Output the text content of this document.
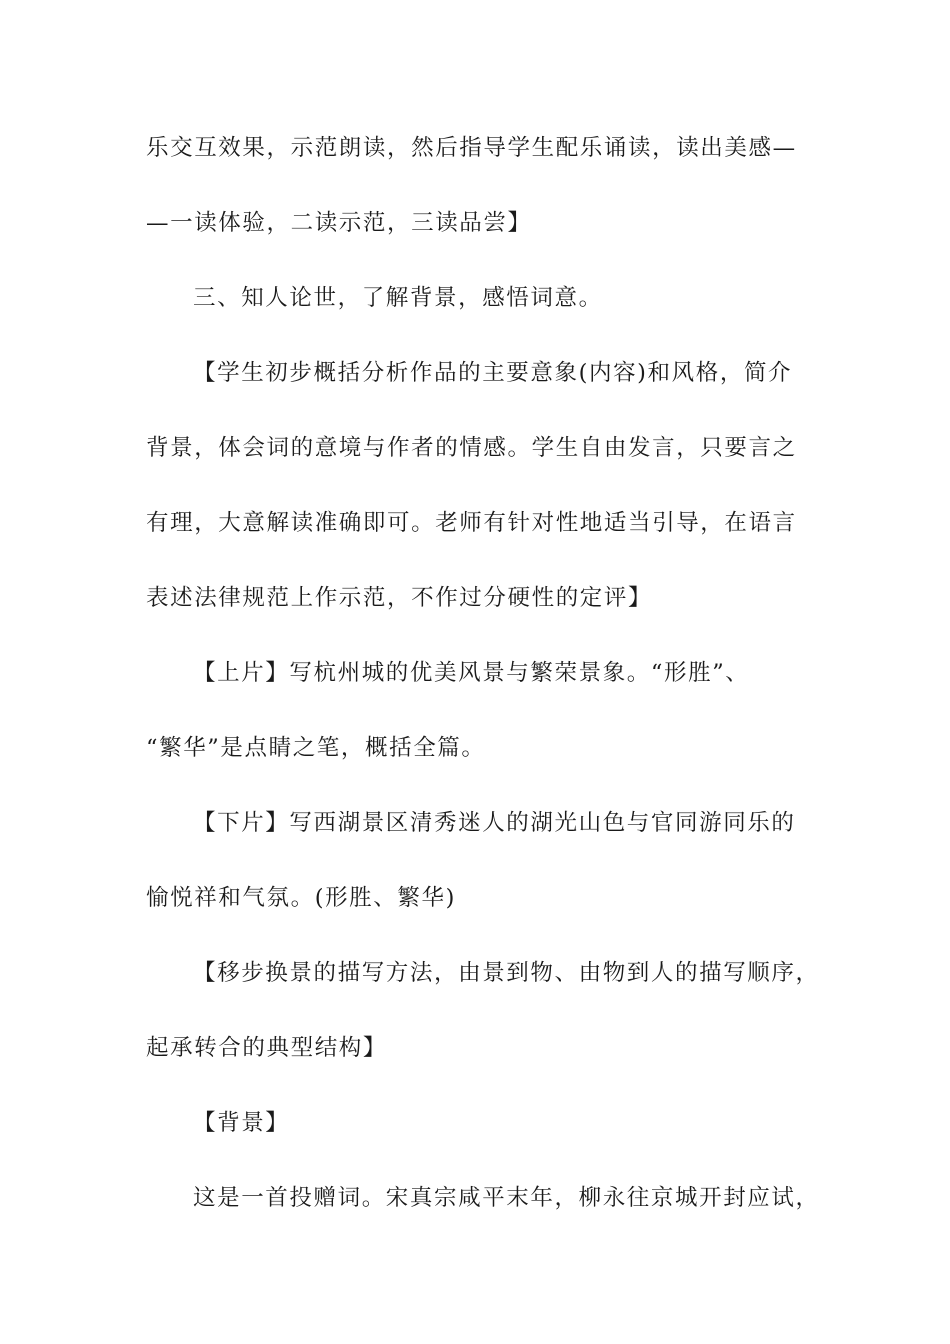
乐交互效果，示范朗读，然后指导学生配乐诵读，读出美感—
—一读体验，二读示范，三读品尝】
三、知人论世，了解背景，感悟词意。
【学生初步概括分析作品的主要意象(内容)和风格，简介
背景，体会词的意境与作者的情感。学生自由发言，只要言之
有理，大意解读准确即可。老师有针对性地适当引导，在语言
表述法律规范上作示范，不作过分硬性的定评】
【上片】写杭州城的优美风景与繁荣景象。“形胜”、
“繁华”是点睛之笔，概括全篇。
【下片】写西湖景区清秀迷人的湖光山色与官同游同乐的
愉悦祥和气氛。(形胜、繁华)
【移步换景的描写方法，由景到物、由物到人的描写顺序，
起承转合的典型结构】
【背景】
这是一首投赠词。宋真宗咸平末年，柳永往京城开封应试，
